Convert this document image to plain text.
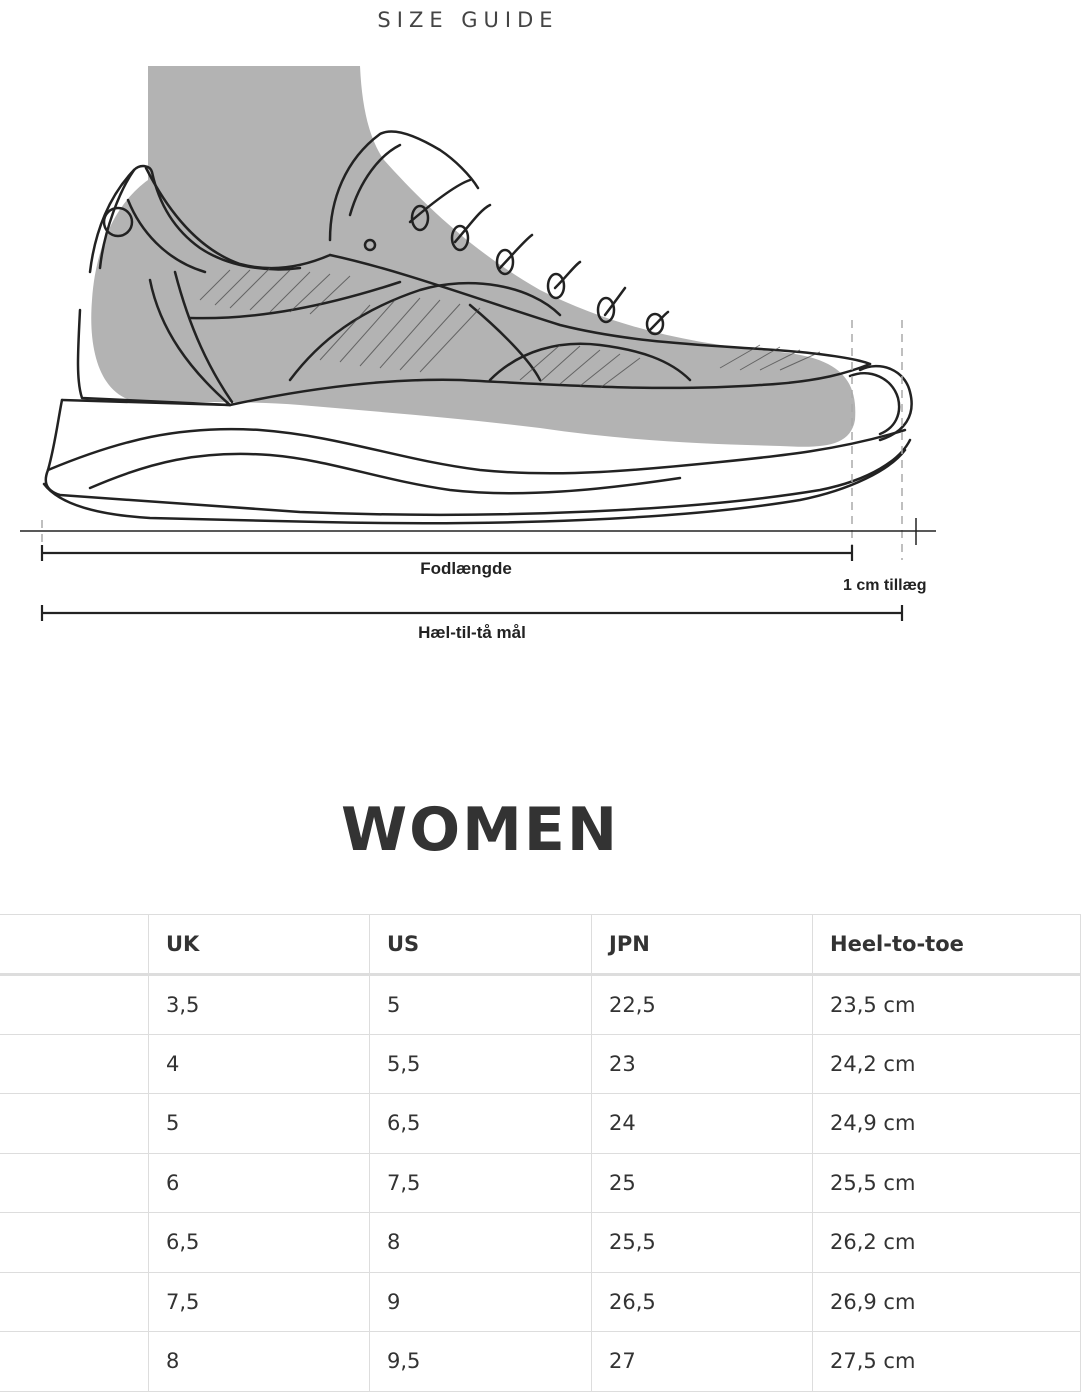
SIZE GUIDE
Fodlængde
1 cm tillæg
Hæl-til-tå mål
WOMEN
	UK	US	JPN	Heel-to-toe
	3,5	5	22,5	23,5 cm
	4	5,5	23	24,2 cm
	5	6,5	24	24,9 cm
	6	7,5	25	25,5 cm
	6,5	8	25,5	26,2 cm
	7,5	9	26,5	26,9 cm
	8	9,5	27	27,5 cm
